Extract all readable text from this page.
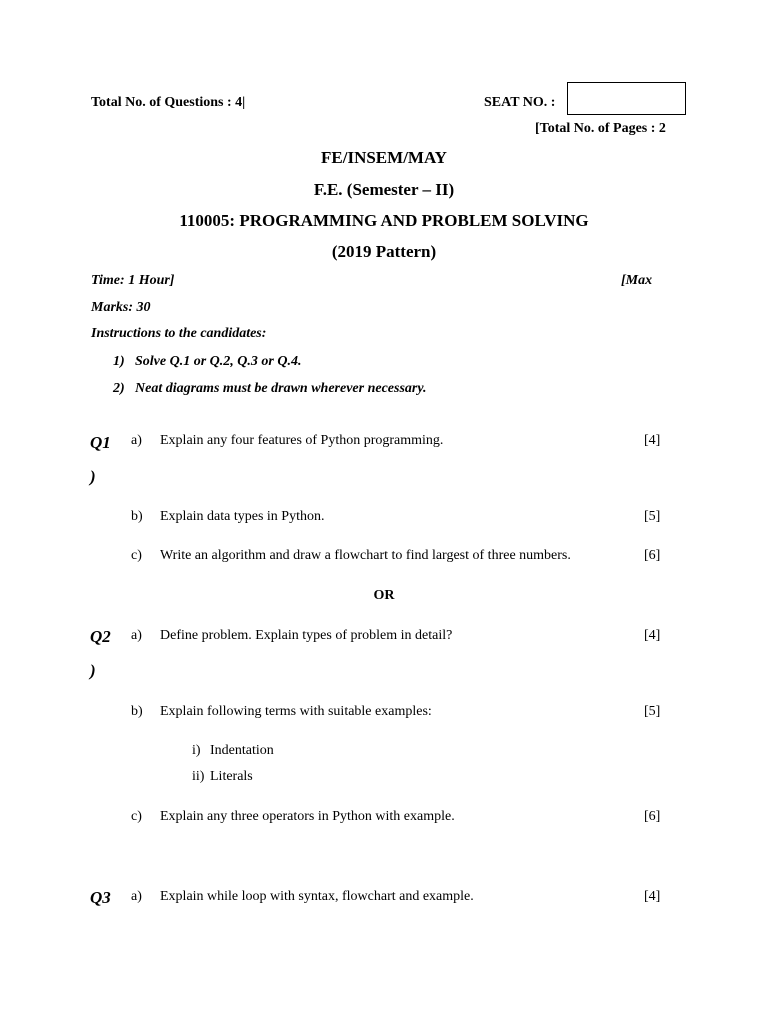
Total No. of Questions : 4|	SEAT NO. :
[Total No. of Pages : 2
FE/INSEM/MAY
F.E. (Semester – II)
110005: PROGRAMMING AND PROBLEM SOLVING
(2019 Pattern)
Time: 1 Hour]	[Max
Marks: 30
Instructions to the candidates:
1) Solve Q.1 or Q.2, Q.3 or Q.4.
2) Neat diagrams must be drawn wherever necessary.
Q1
)
a) Explain any four features of Python programming.	[4]
b) Explain data types in Python.	[5]
c) Write an algorithm and draw a flowchart to find largest of three numbers.	[6]
OR
Q2
)
a) Define problem. Explain types of problem in detail?	[4]
b) Explain following terms with suitable examples:	[5]
i) Indentation
ii) Literals
c) Explain any three operators in Python with example.	[6]
Q3 a) Explain while loop with syntax, flowchart and example.	[4]
